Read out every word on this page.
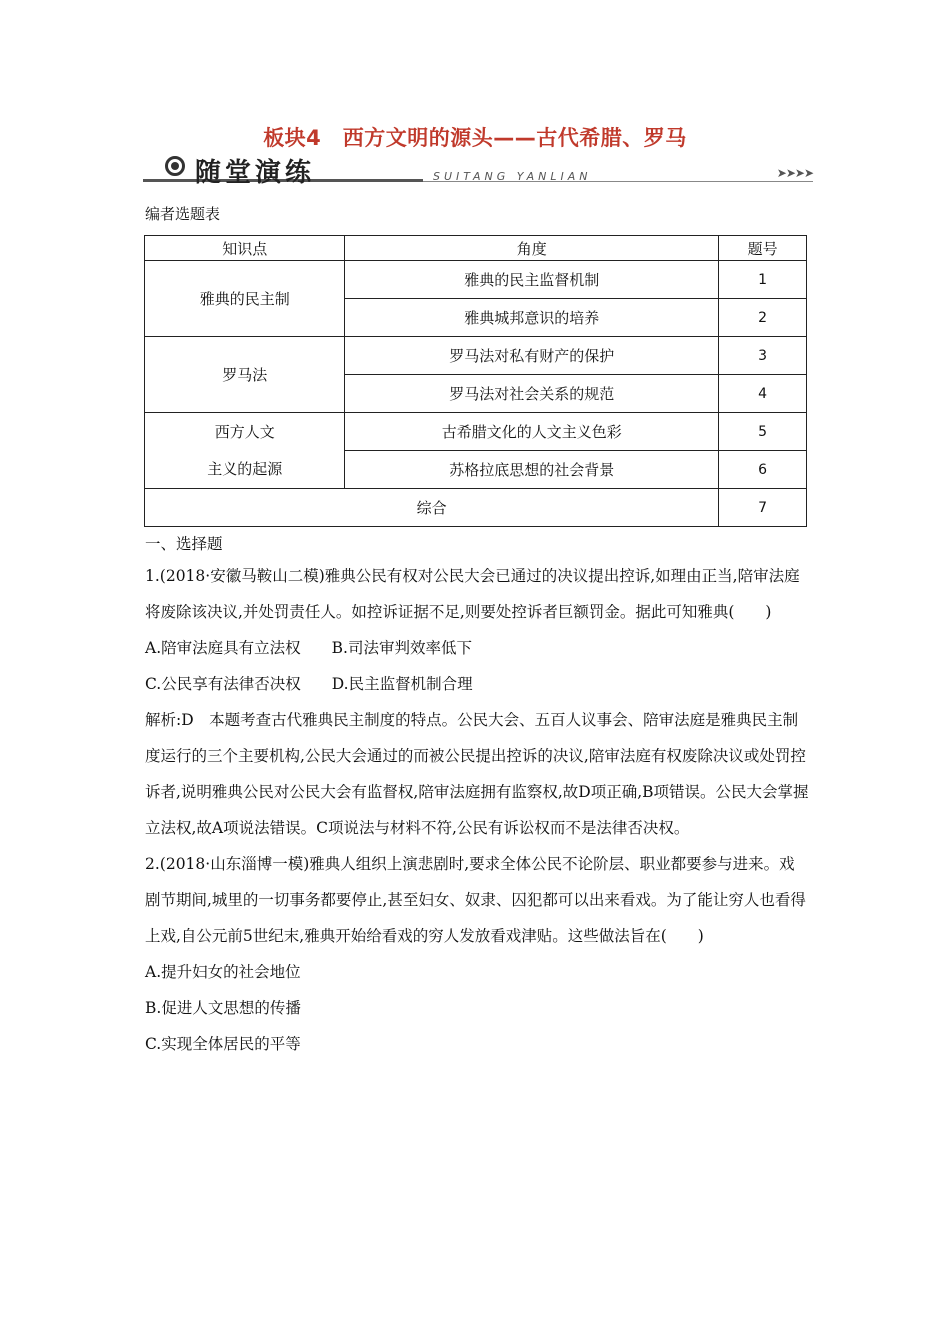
板块4　西方文明的源头——古代希腊、罗马
随堂演练	SUITANG YANLIAN	➤➤➤➤
编者选题表
知识点	角度	题号
雅典的民主制	雅典的民主监督机制	1
	雅典城邦意识的培养	2
罗马法	罗马法对私有财产的保护	3
	罗马法对社会关系的规范	4

西方人文
主义的起源	古希腊文化的人文主义色彩	5
	苏格拉底思想的社会背景	6
综合		7

一、选择题

1.(2018·安徽马鞍山二模)雅典公民有权对公民大会已通过的决议提出控诉,如理由正当,陪审法庭将废除该决议,并处罚责任人。如控诉证据不足,则要处控诉者巨额罚金。据此可知雅典(　　)

A.陪审法庭具有立法权　　 B.司法审判效率低下

C.公民享有法律否决权　　 D.民主监督机制合理

解析:D　本题考查古代雅典民主制度的特点。公民大会、五百人议事会、陪审法庭是雅典民主制度运行的三个主要机构,公民大会通过的而被公民提出控诉的决议,陪审法庭有权废除决议或处罚控诉者,说明雅典公民对公民大会有监督权,陪审法庭拥有监察权,故D项正确,B项错误。公民大会掌握立法权,故A项说法错误。C项说法与材料不符,公民有诉讼权而不是法律否决权。

2.(2018·山东淄博一模)雅典人组织上演悲剧时,要求全体公民不论阶层、职业都要参与进来。戏剧节期间,城里的一切事务都要停止,甚至妇女、奴隶、囚犯都可以出来看戏。为了能让穷人也看得上戏,自公元前5世纪末,雅典开始给看戏的穷人发放看戏津贴。这些做法旨在(　　)

A.提升妇女的社会地位

B.促进人文思想的传播

C.实现全体居民的平等
